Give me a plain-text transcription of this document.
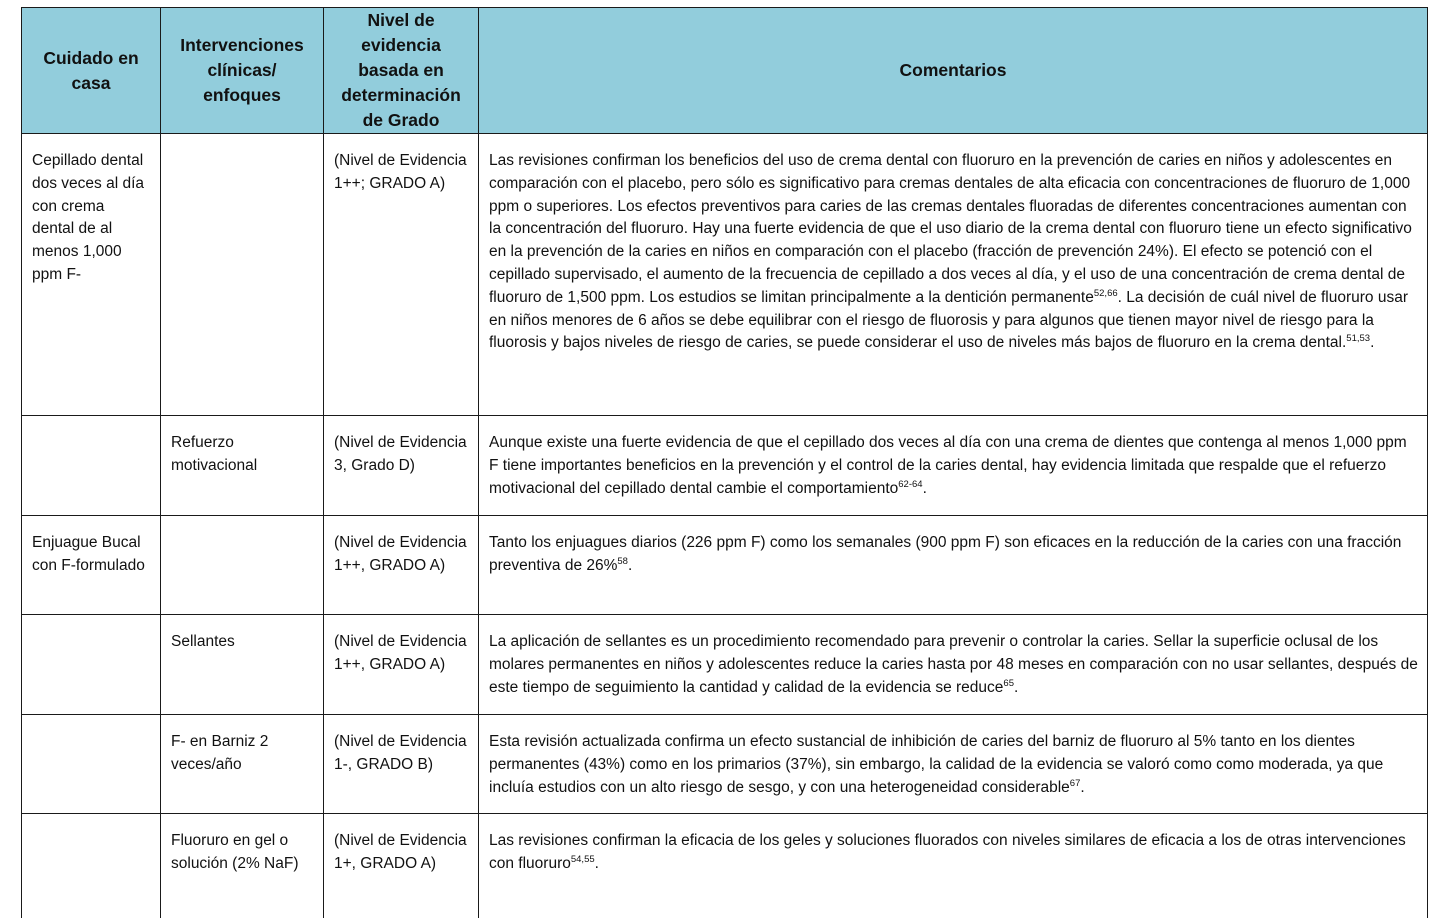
Cuidado en casa	Intervenciones clínicas/ enfoques	Nivel de evidencia basada en determinación de Grado	Comentarios
Cepillado dental dos veces al día con crema dental de al menos 1,000 ppm F-		(Nivel de Evidencia 1++; GRADO A)	Las revisiones confirman los beneficios del uso de crema dental con fluoruro en la prevención de caries en niños y adolescentes en comparación con el placebo, pero sólo es significativo para cremas dentales de alta eficacia con concentraciones de fluoruro de 1,000 ppm o superiores. Los efectos preventivos para caries de las cremas dentales fluoradas de diferentes concentraciones aumentan con la concentración del fluoruro. Hay una fuerte evidencia de que el uso diario de la crema dental con fluoruro tiene un efecto significativo en la prevención de la caries en niños en comparación con el placebo (fracción de prevención 24%). El efecto se potenció con el cepillado supervisado, el aumento de la frecuencia de cepillado a dos veces al día, y el uso de una concentración de crema dental de fluoruro de 1,500 ppm. Los estudios se limitan principalmente a la dentición permanente$^{52,66}$. La decisión de cuál nivel de fluoruro usar en niños menores de 6 años se debe equilibrar con el riesgo de fluorosis y para algunos que tienen mayor nivel de riesgo para la fluorosis y bajos niveles de riesgo de caries, se puede considerar el uso de niveles más bajos de fluoruro en la crema dental.$^{51,53}$.
	Refuerzo motivacional	(Nivel de Evidencia 3, Grado D)	Aunque existe una fuerte evidencia de que el cepillado dos veces al día con una crema de dientes que contenga al menos 1,000 ppm F tiene importantes beneficios en la prevención y el control de la caries dental, hay evidencia limitada que respalde que el refuerzo motivacional del cepillado dental cambie el comportamiento$^{62-64}$.
Enjuague Bucal con F-formulado		(Nivel de Evidencia 1++, GRADO A)	Tanto los enjuagues diarios (226 ppm F) como los semanales (900 ppm F) son eficaces en la reducción de la caries con una fracción preventiva de 26%$^{58}$.
	Sellantes	(Nivel de Evidencia 1++, GRADO A)	La aplicación de sellantes es un procedimiento recomendado para prevenir o controlar la caries. Sellar la superficie oclusal de los molares permanentes en niños y adolescentes reduce la caries hasta por 48 meses en comparación con no usar sellantes, después de este tiempo de seguimiento la cantidad y calidad de la evidencia se reduce$^{65}$.
	F- en Barniz 2 veces/año	(Nivel de Evidencia 1-, GRADO B)	Esta revisión actualizada confirma un efecto sustancial de inhibición de caries del barniz de fluoruro al 5% tanto en los dientes permanentes (43%) como en los primarios (37%), sin embargo, la calidad de la evidencia se valoró como como moderada, ya que incluía estudios con un alto riesgo de sesgo, y con una heterogeneidad considerable$^{67}$.
	Fluoruro en gel o solución (2% NaF)	(Nivel de Evidencia 1+, GRADO A)	Las revisiones confirman la eficacia de los geles y soluciones fluorados con niveles similares de eficacia a los de otras intervenciones con fluoruro$^{54,55}$.
